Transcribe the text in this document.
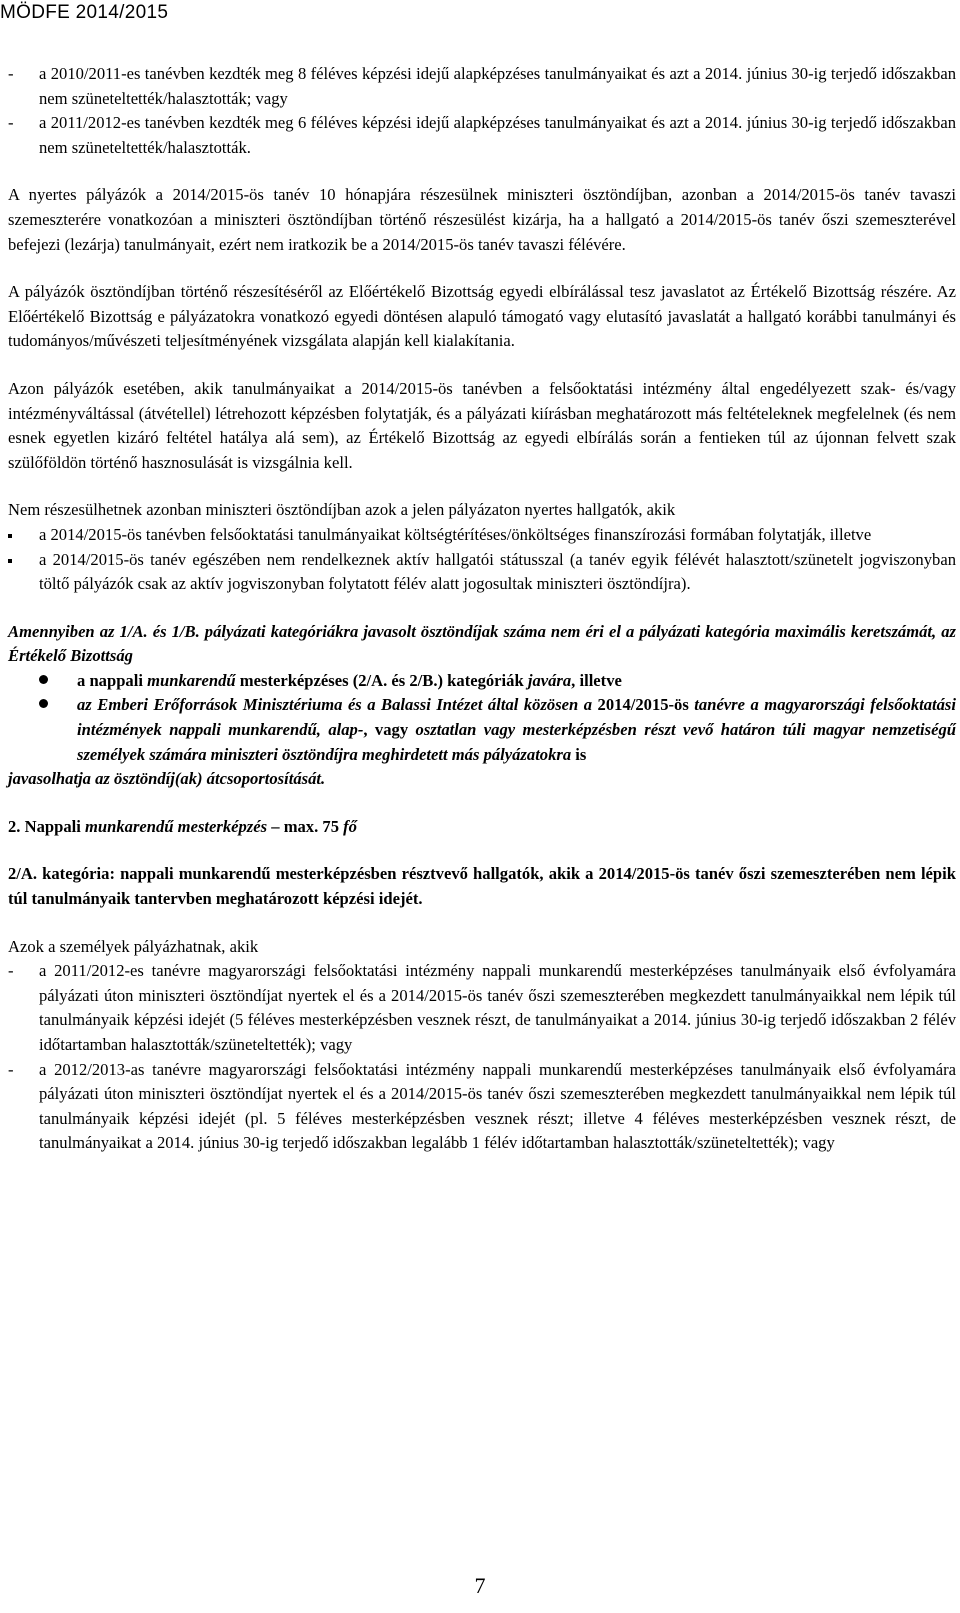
MÖDFE 2014/2015

- a 2010/2011-es tanévben kezdték meg 8 féléves képzési idejű alapképzéses tanulmányaikat és azt a 2014. június 30-ig terjedő időszakban nem szüneteltették/halasztották; vagy

- a 2011/2012-es tanévben kezdték meg 6 féléves képzési idejű alapképzéses tanulmányaikat és azt a 2014. június 30-ig terjedő időszakban nem szüneteltették/halasztották.

A nyertes pályázók a 2014/2015-ös tanév 10 hónapjára részesülnek miniszteri ösztöndíjban, azonban a 2014/2015-ös tanév tavaszi szemeszterére vonatkozóan a miniszteri ösztöndíjban történő részesülést kizárja, ha a hallgató a 2014/2015-ös tanév őszi szemeszterével befejezi (lezárja) tanulmányait, ezért nem iratkozik be a 2014/2015-ös tanév tavaszi félévére.

A pályázók ösztöndíjban történő részesítéséről az Előértékelő Bizottság egyedi elbírálással tesz javaslatot az Értékelő Bizottság részére. Az Előértékelő Bizottság e pályázatokra vonatkozó egyedi döntésen alapuló támogató vagy elutasító javaslatát a hallgató korábbi tanulmányi és tudományos/művészeti teljesítményének vizsgálata alapján kell kialakítania.

Azon pályázók esetében, akik tanulmányaikat a 2014/2015-ös tanévben a felsőoktatási intézmény által engedélyezett szak- és/vagy intézményváltással (átvétellel) létrehozott képzésben folytatják, és a pályázati kiírásban meghatározott más feltételeknek megfelelnek (és nem esnek egyetlen kizáró feltétel hatálya alá sem), az Értékelő Bizottság az egyedi elbírálás során a fentieken túl az újonnan felvett szak szülőföldön történő hasznosulását is vizsgálnia kell.

Nem részesülhetnek azonban miniszteri ösztöndíjban azok a jelen pályázaton nyertes hallgatók, akik

a 2014/2015-ös tanévben felsőoktatási tanulmányaikat költségtérítéses/önköltséges finanszírozási formában folytatják, illetve

a 2014/2015-ös tanév egészében nem rendelkeznek aktív hallgatói státusszal (a tanév egyik félévét halasztott/szünetelt jogviszonyban töltő pályázók csak az aktív jogviszonyban folytatott félév alatt jogosultak miniszteri ösztöndíjra).

Amennyiben az 1/A. és 1/B. pályázati kategóriákra javasolt ösztöndíjak száma nem éri el a pályázati kategória maximális keretszámát, az Értékelő Bizottság

a nappali munkarendű mesterképzéses (2/A. és 2/B.) kategóriák javára, illetve

az Emberi Erőforrások Minisztériuma és a Balassi Intézet által közösen a 2014/2015-ös tanévre a magyarországi felsőoktatási intézmények nappali munkarendű, alap-, vagy osztatlan vagy mesterképzésben részt vevő határon túli magyar nemzetiségű személyek számára miniszteri ösztöndíjra meghirdetett más pályázatokra is

javasolhatja az ösztöndíj(ak) átcsoportosítását.

2. Nappali munkarendű mesterképzés – max. 75 fő

2/A. kategória: nappali munkarendű mesterképzésben résztvevő hallgatók, akik a 2014/2015-ös tanév őszi szemeszterében nem lépik túl tanulmányaik tantervben meghatározott képzési idejét.

Azok a személyek pályázhatnak, akik

- a 2011/2012-es tanévre magyarországi felsőoktatási intézmény nappali munkarendű mesterképzéses tanulmányaik első évfolyamára pályázati úton miniszteri ösztöndíjat nyertek el és a 2014/2015-ös tanév őszi szemeszterében megkezdett tanulmányaikkal nem lépik túl tanulmányaik képzési idejét (5 féléves mesterképzésben vesznek részt, de tanulmányaikat a 2014. június 30-ig terjedő időszakban 2 félév időtartamban halasztották/szüneteltették); vagy

- a 2012/2013-as tanévre magyarországi felsőoktatási intézmény nappali munkarendű mesterképzéses tanulmányaik első évfolyamára pályázati úton miniszteri ösztöndíjat nyertek el és a 2014/2015-ös tanév őszi szemeszterében megkezdett tanulmányaikkal nem lépik túl tanulmányaik képzési idejét (pl. 5 féléves mesterképzésben vesznek részt; illetve 4 féléves mesterképzésben vesznek részt, de tanulmányaikat a 2014. június 30-ig terjedő időszakban legalább 1 félév időtartamban halasztották/szüneteltették); vagy

7
